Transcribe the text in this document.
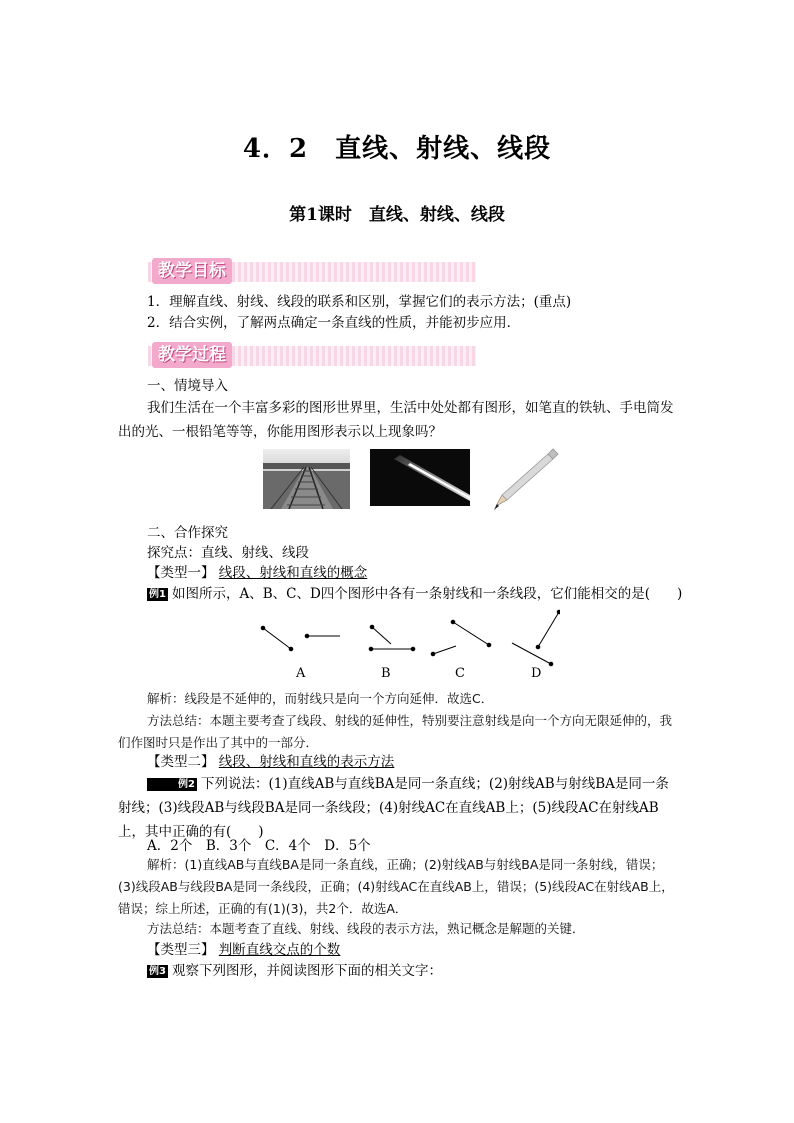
4．2　直线、射线、线段
第1课时　直线、射线、线段
教学目标
1．理解直线、射线、线段的联系和区别，掌握它们的表示方法；(重点)
2．结合实例，了解两点确定一条直线的性质，并能初步应用．
教学过程
一、情境导入
我们生活在一个丰富多彩的图形世界里，生活中处处都有图形，如笔直的铁轨、手电筒发出的光、一根铅笔等等，你能用图形表示以上现象吗？
二、合作探究
探究点：直线、射线、线段
【类型一】 线段、射线和直线的概念
例1 如图所示，A、B、C、D四个图形中各有一条射线和一条线段，它们能相交的是(　　)
A	B	C	D
解析：线段是不延伸的，而射线只是向一个方向延伸．故选C．
方法总结：本题主要考查了线段、射线的延伸性，特别要注意射线是向一个方向无限延伸的，我们作图时只是作出了其中的一部分．
【类型二】 线段、射线和直线的表示方法
例2 下列说法：(1)直线AB与直线BA是同一条直线；(2)射线AB与射线BA是同一条射线；(3)线段AB与线段BA是同一条线段；(4)射线AC在直线AB上；(5)线段AC在射线AB上，其中正确的有(　　)
A．2个　B．3个　C．4个　D．5个
解析：(1)直线AB与直线BA是同一条直线，正确；(2)射线AB与射线BA是同一条射线，错误；(3)线段AB与线段BA是同一条线段，正确；(4)射线AC在直线AB上，错误；(5)线段AC在射线AB上，错误；综上所述，正确的有(1)(3)，共2个．故选A．
方法总结：本题考查了直线、射线、线段的表示方法，熟记概念是解题的关键．
【类型三】 判断直线交点的个数
例3 观察下列图形，并阅读图形下面的相关文字：
